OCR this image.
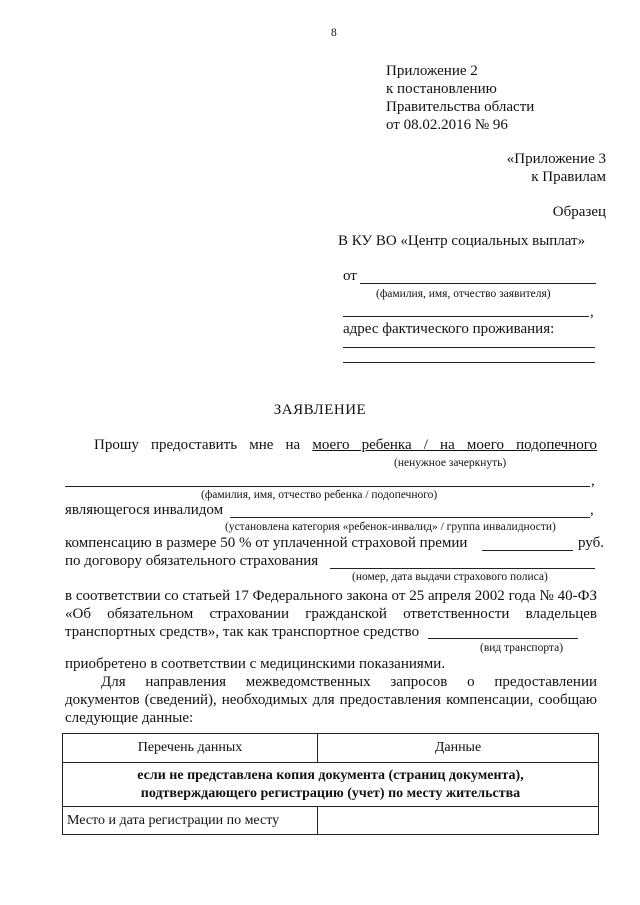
8
Приложение 2
к постановлению
Правительства области
от 08.02.2016 № 96
«Приложение 3
к Правилам
Образец
В КУ ВО «Центр социальных выплат»
от
(фамилия, имя, отчество заявителя)
,
адрес фактического проживания:
ЗАЯВЛЕНИЕ
Прошу предоставить мне на моего ребенка / на моего подопечного
(ненужное зачеркнуть)
,
(фамилия, имя, отчество ребенка / подопечного)
являющегося инвалидом	,
(установлена категория «ребенок-инвалид» / группа инвалидности)
компенсацию в размере 50 % от уплаченной страховой премии	руб.
по договору обязательного страхования
(номер, дата выдачи страхового полиса)
в соответствии со статьей 17 Федерального закона от 25 апреля 2002 года № 40-ФЗ
«Об обязательном страховании гражданской ответственности владельцев
транспортных средств», так как транспортное средство
(вид транспорта)
приобретено в соответствии с медицинскими показаниями.
Для направления межведомственных запросов о предоставлении
документов (сведений), необходимых для предоставления компенсации, сообщаю
следующие данные:
Перечень данных	Данные

если не представлена копия документа (страниц документа),
подтверждающего регистрацию (учет) по месту жительства	

Место и дата регистрации по месту	
